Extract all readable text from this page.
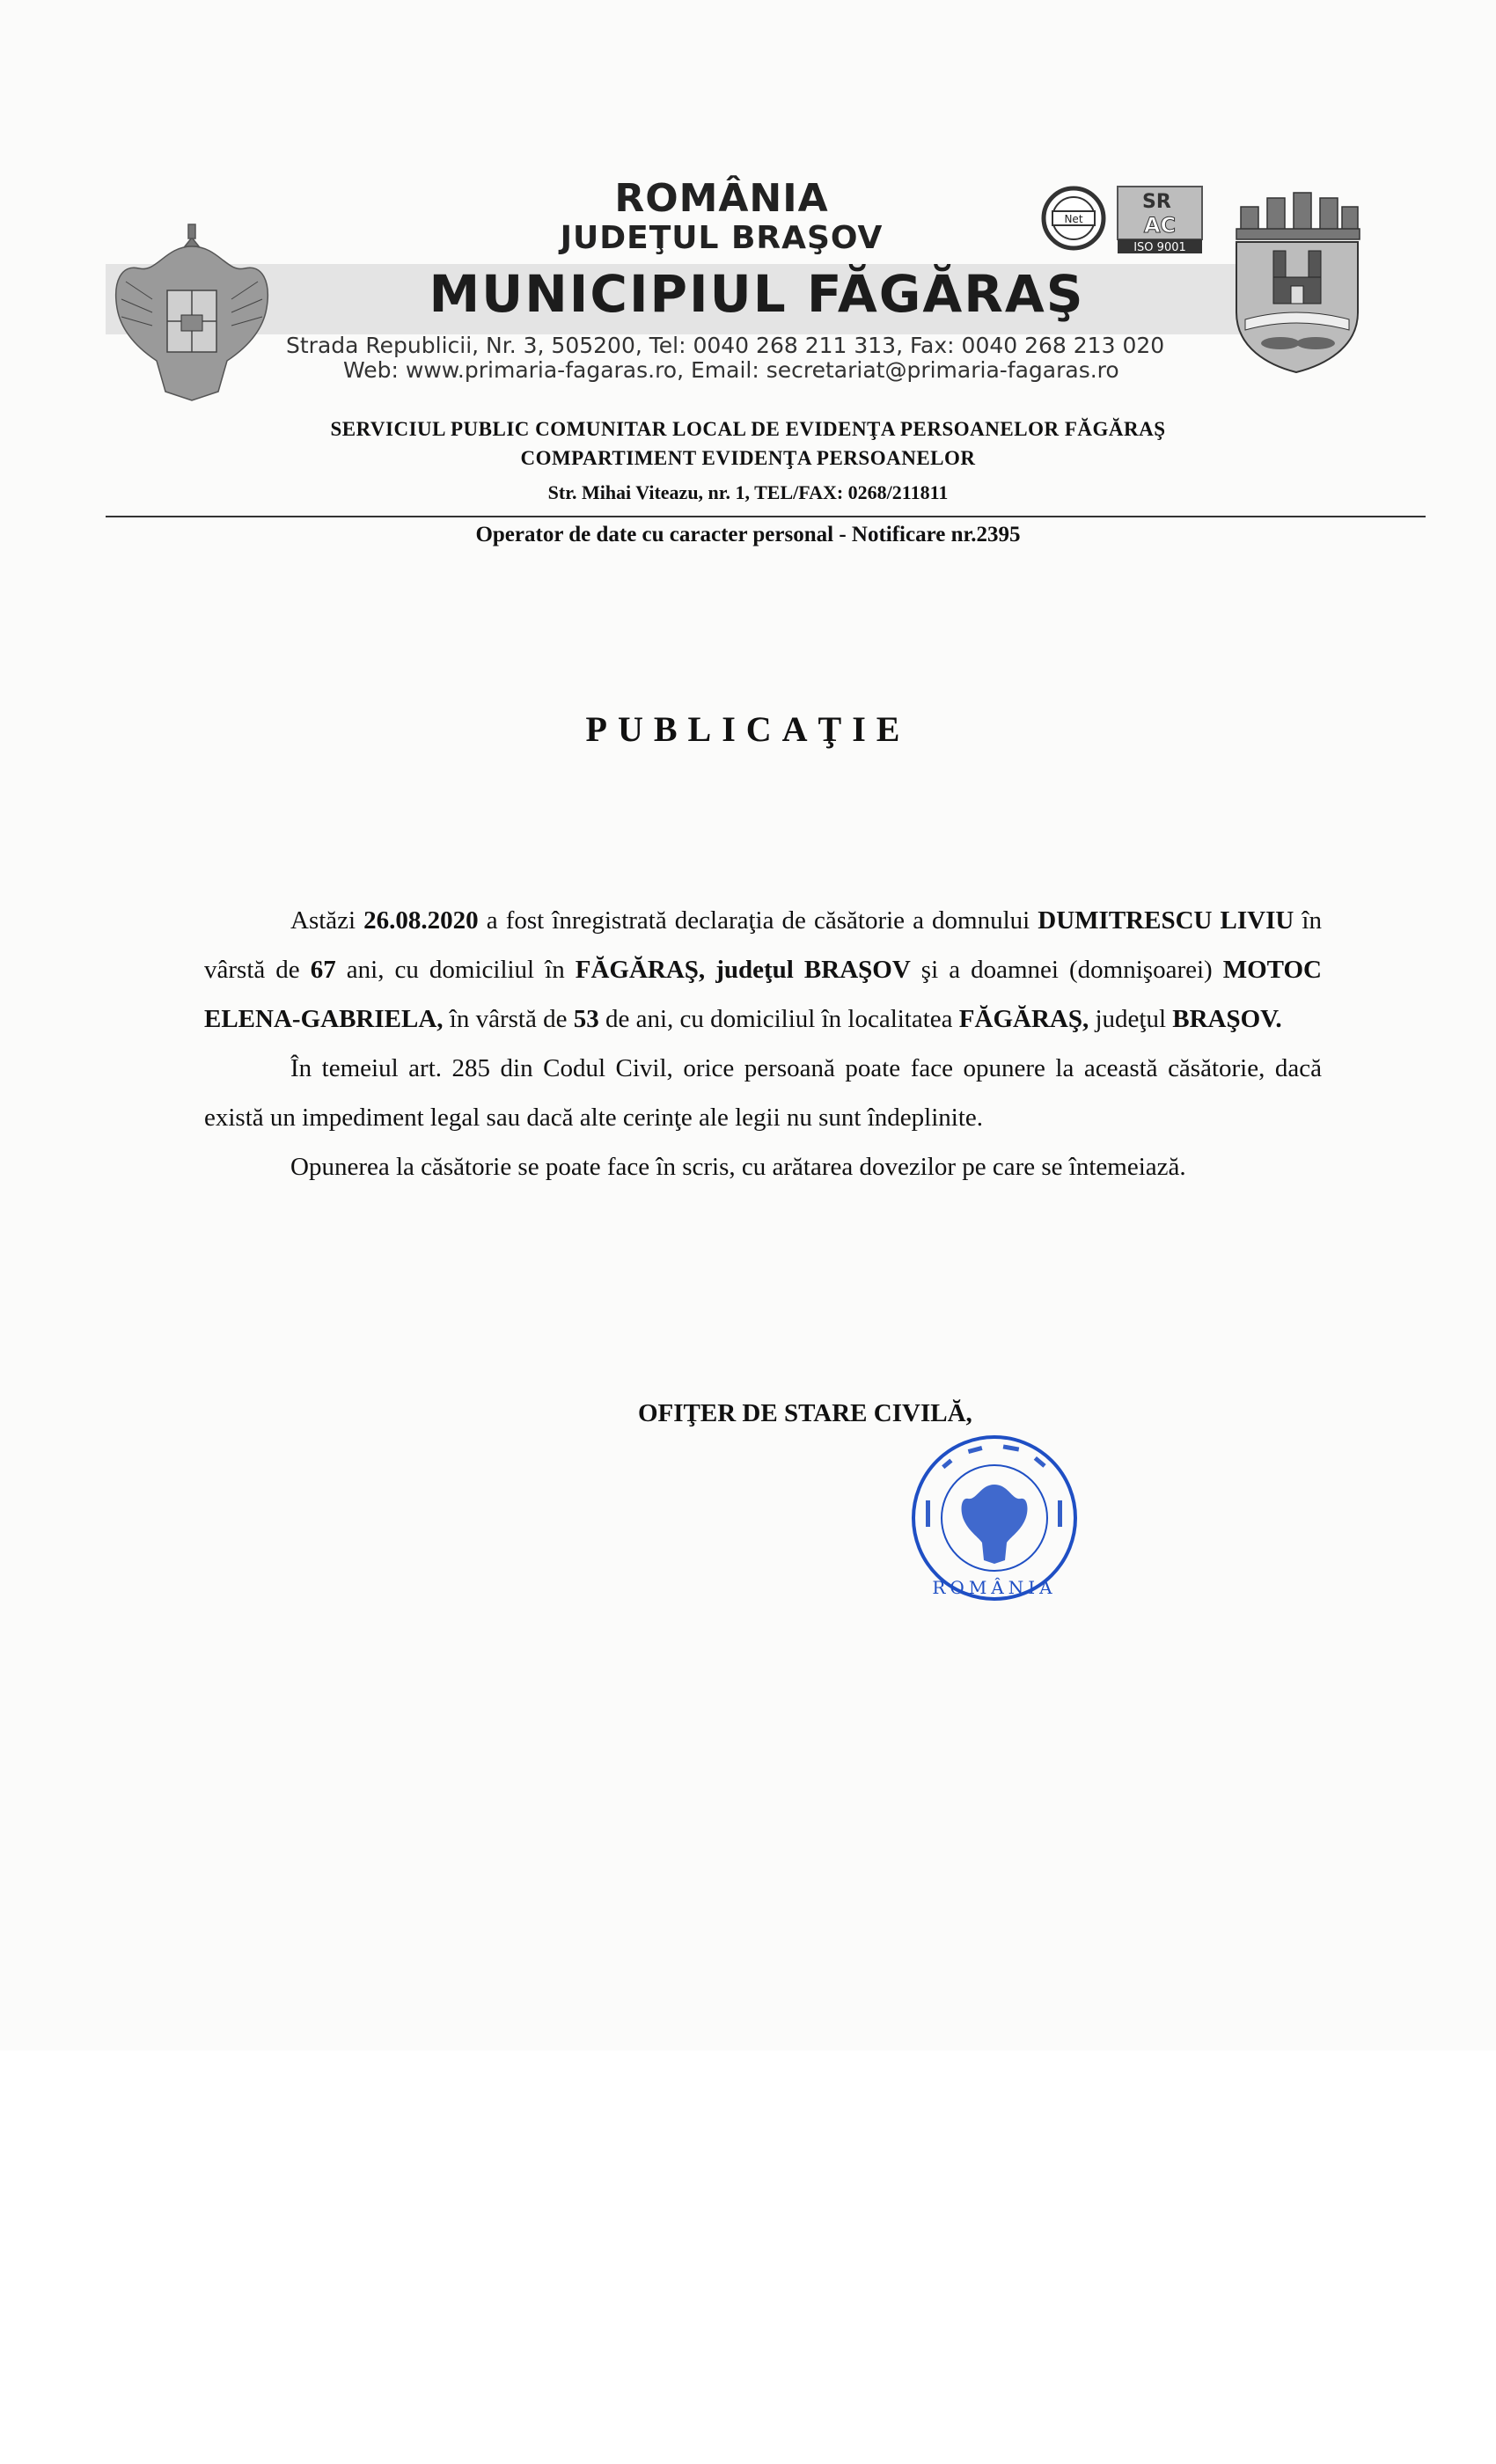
Net
SR
AC
ISO 9001
ROMÂNIA
JUDEŢUL BRAŞOV
MUNICIPIUL FĂGĂRAŞ
Strada Republicii, Nr. 3, 505200, Tel: 0040 268 211 313, Fax: 0040 268 213 020
Web: www.primaria-fagaras.ro, Email: secretariat@primaria-fagaras.ro
SERVICIUL PUBLIC COMUNITAR LOCAL DE EVIDENŢA PERSOANELOR FĂGĂRAŞ
COMPARTIMENT EVIDENŢA PERSOANELOR
Str. Mihai Viteazu, nr. 1, TEL/FAX: 0268/211811
Operator de date cu caracter personal - Notificare nr.2395
PUBLICAŢIE

Astăzi 26.08.2020 a fost înregistrată declaraţia de căsătorie a domnului DUMITRESCU LIVIU în vârstă de 67 ani, cu domiciliul în FĂGĂRAŞ, judeţul BRAŞOV şi a doamnei (domnişoarei) MOTOC ELENA-GABRIELA, în vârstă de 53 de ani, cu domiciliul în localitatea FĂGĂRAŞ, judeţul BRAŞOV.

În temeiul art. 285 din Codul Civil, orice persoană poate face opunere la această căsătorie, dacă există un impediment legal sau dacă alte cerinţe ale legii nu sunt îndeplinite.

Opunerea la căsătorie se poate face în scris, cu arătarea dovezilor pe care se întemeiază.

OFIŢER DE STARE CIVILĂ,
ROMÂNIA
